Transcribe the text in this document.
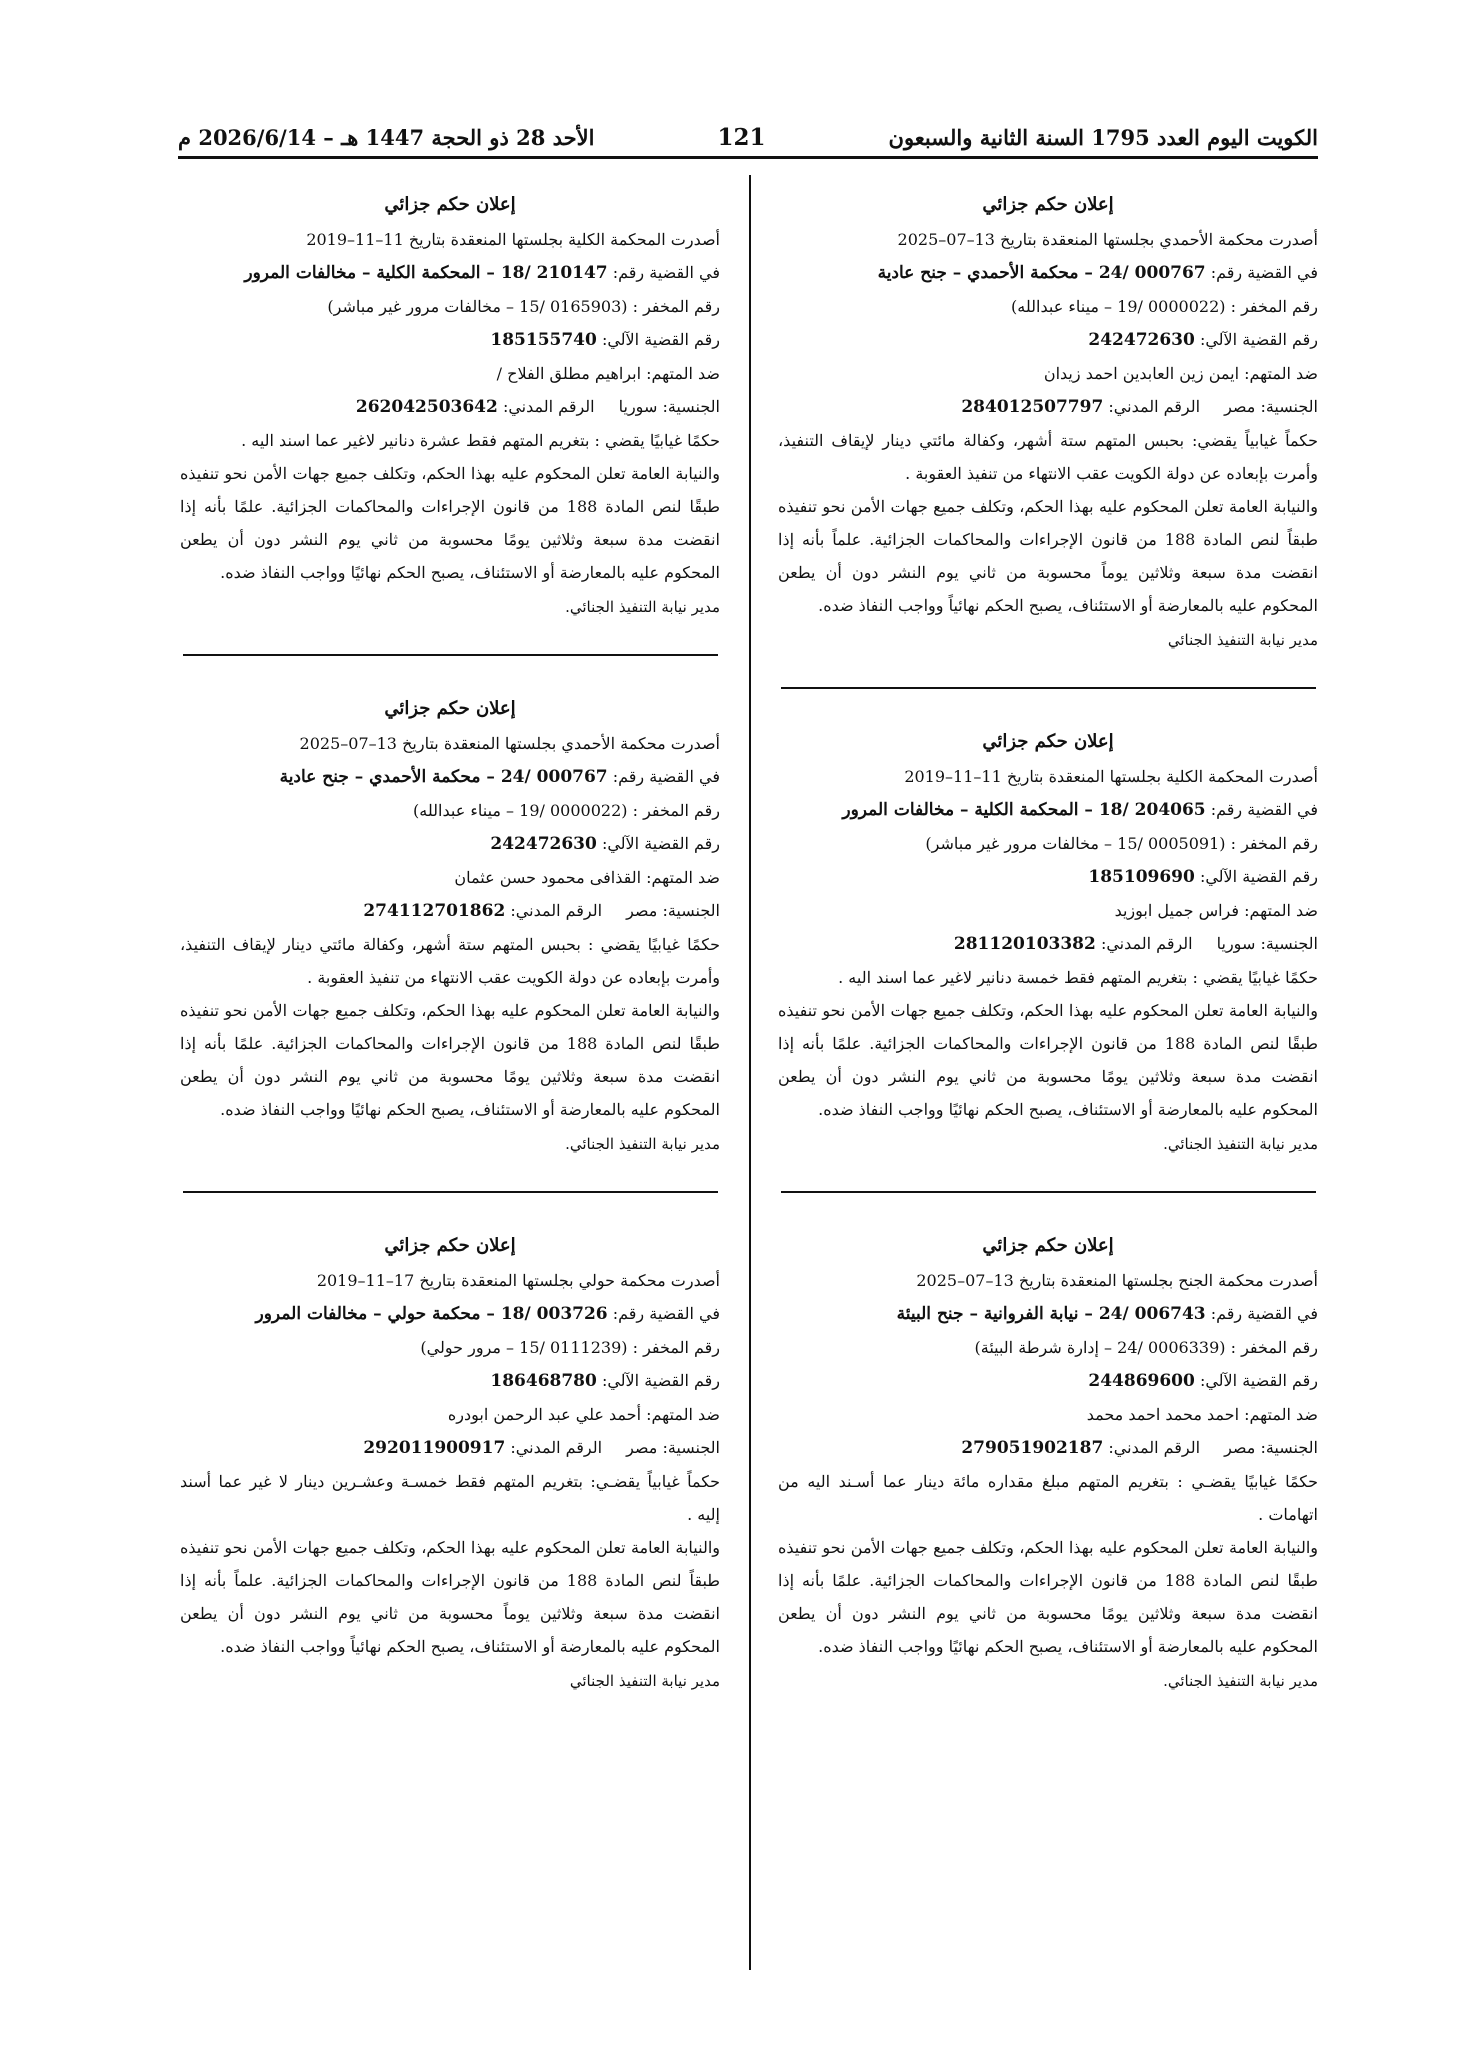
الكويت اليوم العدد 1795 السنة الثانية والسبعون
121
الأحد 28 ذو الحجة 1447 هـ – 2026/6/14 م
إعلان حكم جزائي
أصدرت محكمة الأحمدي بجلستها المنعقدة بتاريخ 13–07–2025
في القضية رقم: 000767 /24 – محكمة الأحمدي – جنح عادية
رقم المخفر : (0000022 /19 – ميناء عبدالله)
رقم القضية الآلي: 242472630
ضد المتهم: ايمن زين العابدين احمد زيدان
الجنسية: مصرالرقم المدني: 284012507797
حكماً غيابياً يقضي: بحبس المتهم ستة أشهر، وكفالة مائتي دينار لإيقاف التنفيذ، وأمرت بإبعاده عن دولة الكويت عقب الانتهاء من تنفيذ العقوبة .
والنيابة العامة تعلن المحكوم عليه بهذا الحكم، وتكلف جميع جهات الأمن نحو تنفيذه طبقاً لنص المادة 188 من قانون الإجراءات والمحاكمات الجزائية. علماً بأنه إذا انقضت مدة سبعة وثلاثين يوماً محسوبة من ثاني يوم النشر دون أن يطعن المحكوم عليه بالمعارضة أو الاستئناف، يصبح الحكم نهائياً وواجب النفاذ ضده.
مدير نيابة التنفيذ الجنائي
إعلان حكم جزائي
أصدرت المحكمة الكلية بجلستها المنعقدة بتاريخ 11–11–2019
في القضية رقم: 204065 /18 – المحكمة الكلية – مخالفات المرور
رقم المخفر : (0005091 /15 – مخالفات مرور غير مباشر)
رقم القضية الآلي: 185109690
ضد المتهم: فراس جميل ابوزيد
الجنسية: سورياالرقم المدني: 281120103382
حكمًا غيابيًا يقضي : بتغريم المتهم فقط خمسة دنانير لاغير عما اسند اليه .
والنيابة العامة تعلن المحكوم عليه بهذا الحكم، وتكلف جميع جهات الأمن نحو تنفيذه طبقًا لنص المادة 188 من قانون الإجراءات والمحاكمات الجزائية. علمًا بأنه إذا انقضت مدة سبعة وثلاثين يومًا محسوبة من ثاني يوم النشر دون أن يطعن المحكوم عليه بالمعارضة أو الاستئناف، يصبح الحكم نهائيًا وواجب النفاذ ضده.
مدير نيابة التنفيذ الجنائي.
إعلان حكم جزائي
أصدرت محكمة الجنح بجلستها المنعقدة بتاريخ 13–07–2025
في القضية رقم: 006743 /24 – نيابة الفروانية – جنح البيئة
رقم المخفر : (0006339 /24 – إدارة شرطة البيئة)
رقم القضية الآلي: 244869600
ضد المتهم: احمد محمد احمد محمد
الجنسية: مصرالرقم المدني: 279051902187
حكمًا غيابيًا يقضـي : بتغريم المتهم مبلغ مقداره مائة دينار عما أسـند اليه من اتهامات .
والنيابة العامة تعلن المحكوم عليه بهذا الحكم، وتكلف جميع جهات الأمن نحو تنفيذه طبقًا لنص المادة 188 من قانون الإجراءات والمحاكمات الجزائية. علمًا بأنه إذا انقضت مدة سبعة وثلاثين يومًا محسوبة من ثاني يوم النشر دون أن يطعن المحكوم عليه بالمعارضة أو الاستئناف، يصبح الحكم نهائيًا وواجب النفاذ ضده.
مدير نيابة التنفيذ الجنائي.
إعلان حكم جزائي
أصدرت المحكمة الكلية بجلستها المنعقدة بتاريخ 11–11–2019
في القضية رقم: 210147 /18 – المحكمة الكلية – مخالفات المرور
رقم المخفر : (0165903 /15 – مخالفات مرور غير مباشر)
رقم القضية الآلي: 185155740
ضد المتهم: ابراهيم مطلق الفلاح /
الجنسية: سورياالرقم المدني: 262042503642
حكمًا غيابيًا يقضي : بتغريم المتهم فقط عشرة دنانير لاغير عما اسند اليه .
والنيابة العامة تعلن المحكوم عليه بهذا الحكم، وتكلف جميع جهات الأمن نحو تنفيذه طبقًا لنص المادة 188 من قانون الإجراءات والمحاكمات الجزائية. علمًا بأنه إذا انقضت مدة سبعة وثلاثين يومًا محسوبة من ثاني يوم النشر دون أن يطعن المحكوم عليه بالمعارضة أو الاستئناف، يصبح الحكم نهائيًا وواجب النفاذ ضده.
مدير نيابة التنفيذ الجنائي.
إعلان حكم جزائي
أصدرت محكمة الأحمدي بجلستها المنعقدة بتاريخ 13–07–2025
في القضية رقم: 000767 /24 – محكمة الأحمدي – جنح عادية
رقم المخفر : (0000022 /19 – ميناء عبدالله)
رقم القضية الآلي: 242472630
ضد المتهم: القذافى محمود حسن عثمان
الجنسية: مصرالرقم المدني: 274112701862
حكمًا غيابيًا يقضي : بحبس المتهم ستة أشهر، وكفالة مائتي دينار لإيقاف التنفيذ، وأمرت بإبعاده عن دولة الكويت عقب الانتهاء من تنفيذ العقوبة .
والنيابة العامة تعلن المحكوم عليه بهذا الحكم، وتكلف جميع جهات الأمن نحو تنفيذه طبقًا لنص المادة 188 من قانون الإجراءات والمحاكمات الجزائية. علمًا بأنه إذا انقضت مدة سبعة وثلاثين يومًا محسوبة من ثاني يوم النشر دون أن يطعن المحكوم عليه بالمعارضة أو الاستئناف، يصبح الحكم نهائيًا وواجب النفاذ ضده.
مدير نيابة التنفيذ الجنائي.
إعلان حكم جزائي
أصدرت محكمة حولي بجلستها المنعقدة بتاريخ 17–11–2019
في القضية رقم: 003726 /18 – محكمة حولي – مخالفات المرور
رقم المخفر : (0111239 /15 – مرور حولي)
رقم القضية الآلي: 186468780
ضد المتهم: أحمد علي عبد الرحمن ابودره
الجنسية: مصرالرقم المدني: 292011900917
حكماً غيابياً يقضـي: بتغريم المتهم فقط خمسـة وعشـرين دينار لا غير عما أسند إليه .
والنيابة العامة تعلن المحكوم عليه بهذا الحكم، وتكلف جميع جهات الأمن نحو تنفيذه طبقاً لنص المادة 188 من قانون الإجراءات والمحاكمات الجزائية. علماً بأنه إذا انقضت مدة سبعة وثلاثين يوماً محسوبة من ثاني يوم النشر دون أن يطعن المحكوم عليه بالمعارضة أو الاستئناف، يصبح الحكم نهائياً وواجب النفاذ ضده.
مدير نيابة التنفيذ الجنائي
